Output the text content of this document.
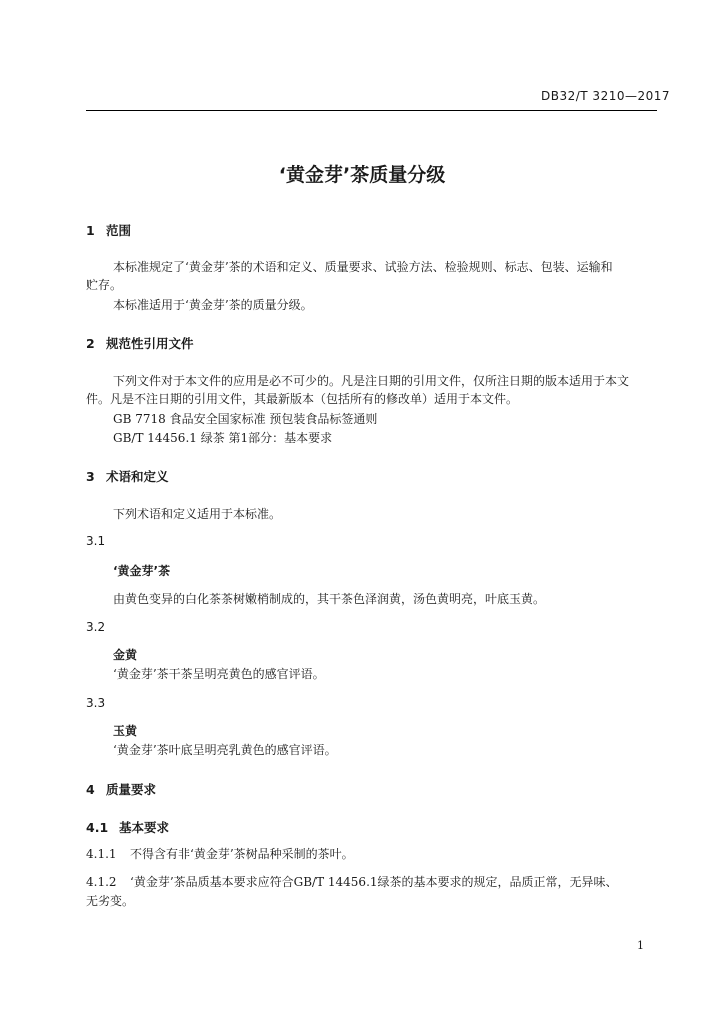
DB32/T 3210—2017
‘黄金芽’茶质量分级
1 范围
本标准规定了‘黄金芽’茶的术语和定义、质量要求、试验方法、检验规则、标志、包装、运输和
贮存。
本标准适用于‘黄金芽’茶的质量分级。
2 规范性引用文件
下列文件对于本文件的应用是必不可少的。凡是注日期的引用文件，仅所注日期的版本适用于本文
件。凡是不注日期的引用文件，其最新版本（包括所有的修改单）适用于本文件。
GB 7718 食品安全国家标准 预包装食品标签通则
GB/T 14456.1 绿茶 第1部分：基本要求
3 术语和定义
下列术语和定义适用于本标准。
3.1
‘黄金芽’茶
由黄色变异的白化茶茶树嫩梢制成的，其干茶色泽润黄，汤色黄明亮，叶底玉黄。
3.2
金黄
‘黄金芽’茶干茶呈明亮黄色的感官评语。
3.3
玉黄
‘黄金芽’茶叶底呈明亮乳黄色的感官评语。
4 质量要求
4.1 基本要求
4.1.1 不得含有非‘黄金芽’茶树品种采制的茶叶。
4.1.2 ‘黄金芽’茶品质基本要求应符合GB/T 14456.1绿茶的基本要求的规定，品质正常，无异味、
无劣变。
1
